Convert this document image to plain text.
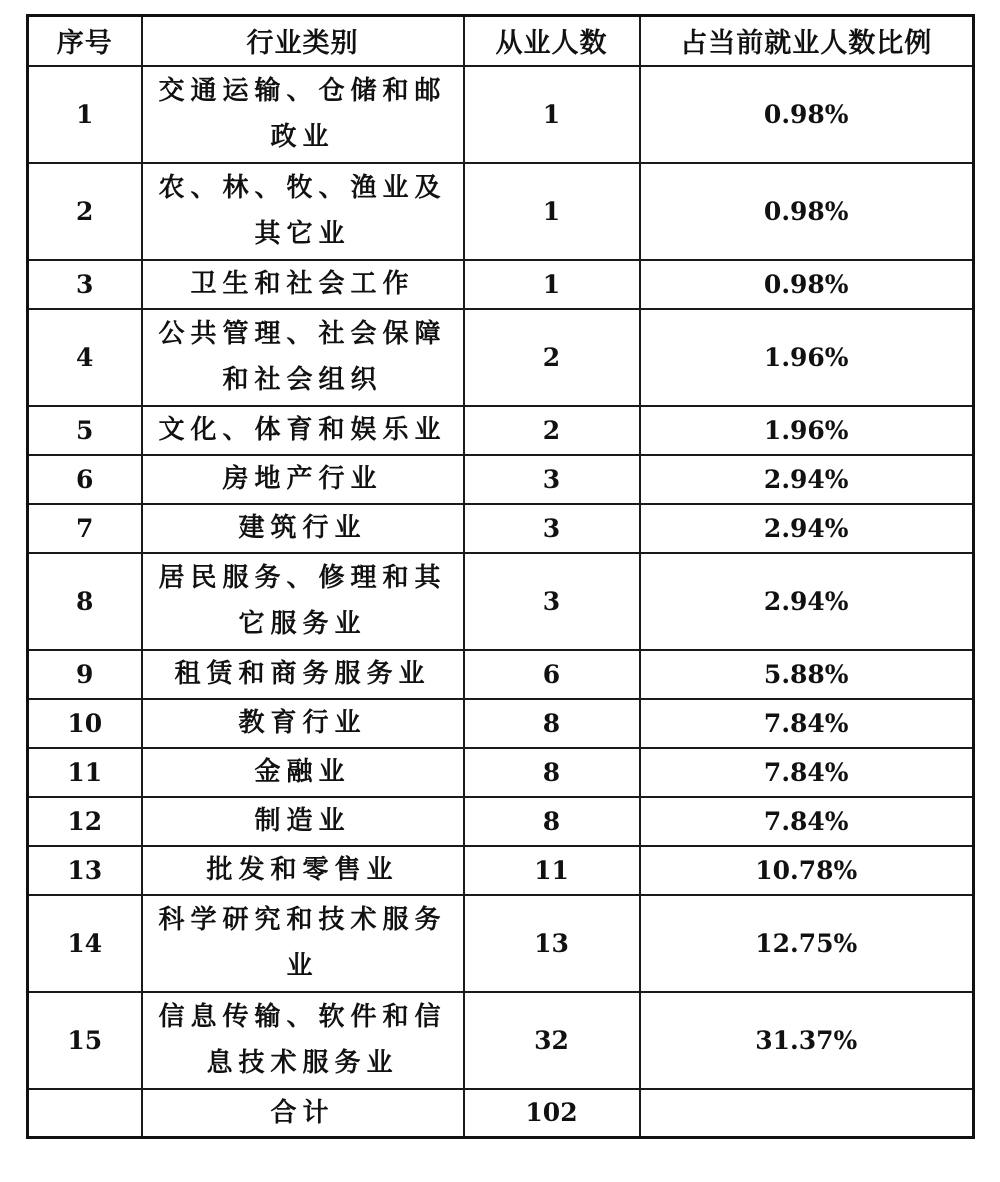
序号	行业类别	从业人数	占当前就业人数比例
1	交通运输、仓储和邮政业	1	0.98%
2	农、林、牧、渔业及其它业	1	0.98%
3	卫生和社会工作	1	0.98%
4	公共管理、社会保障和社会组织	2	1.96%
5	文化、体育和娱乐业	2	1.96%
6	房地产行业	3	2.94%
7	建筑行业	3	2.94%
8	居民服务、修理和其它服务业	3	2.94%
9	租赁和商务服务业	6	5.88%
10	教育行业	8	7.84%
11	金融业	8	7.84%
12	制造业	8	7.84%
13	批发和零售业	11	10.78%
14	科学研究和技术服务业	13	12.75%
15	信息传输、软件和信息技术服务业	32	31.37%
	合计	102	
